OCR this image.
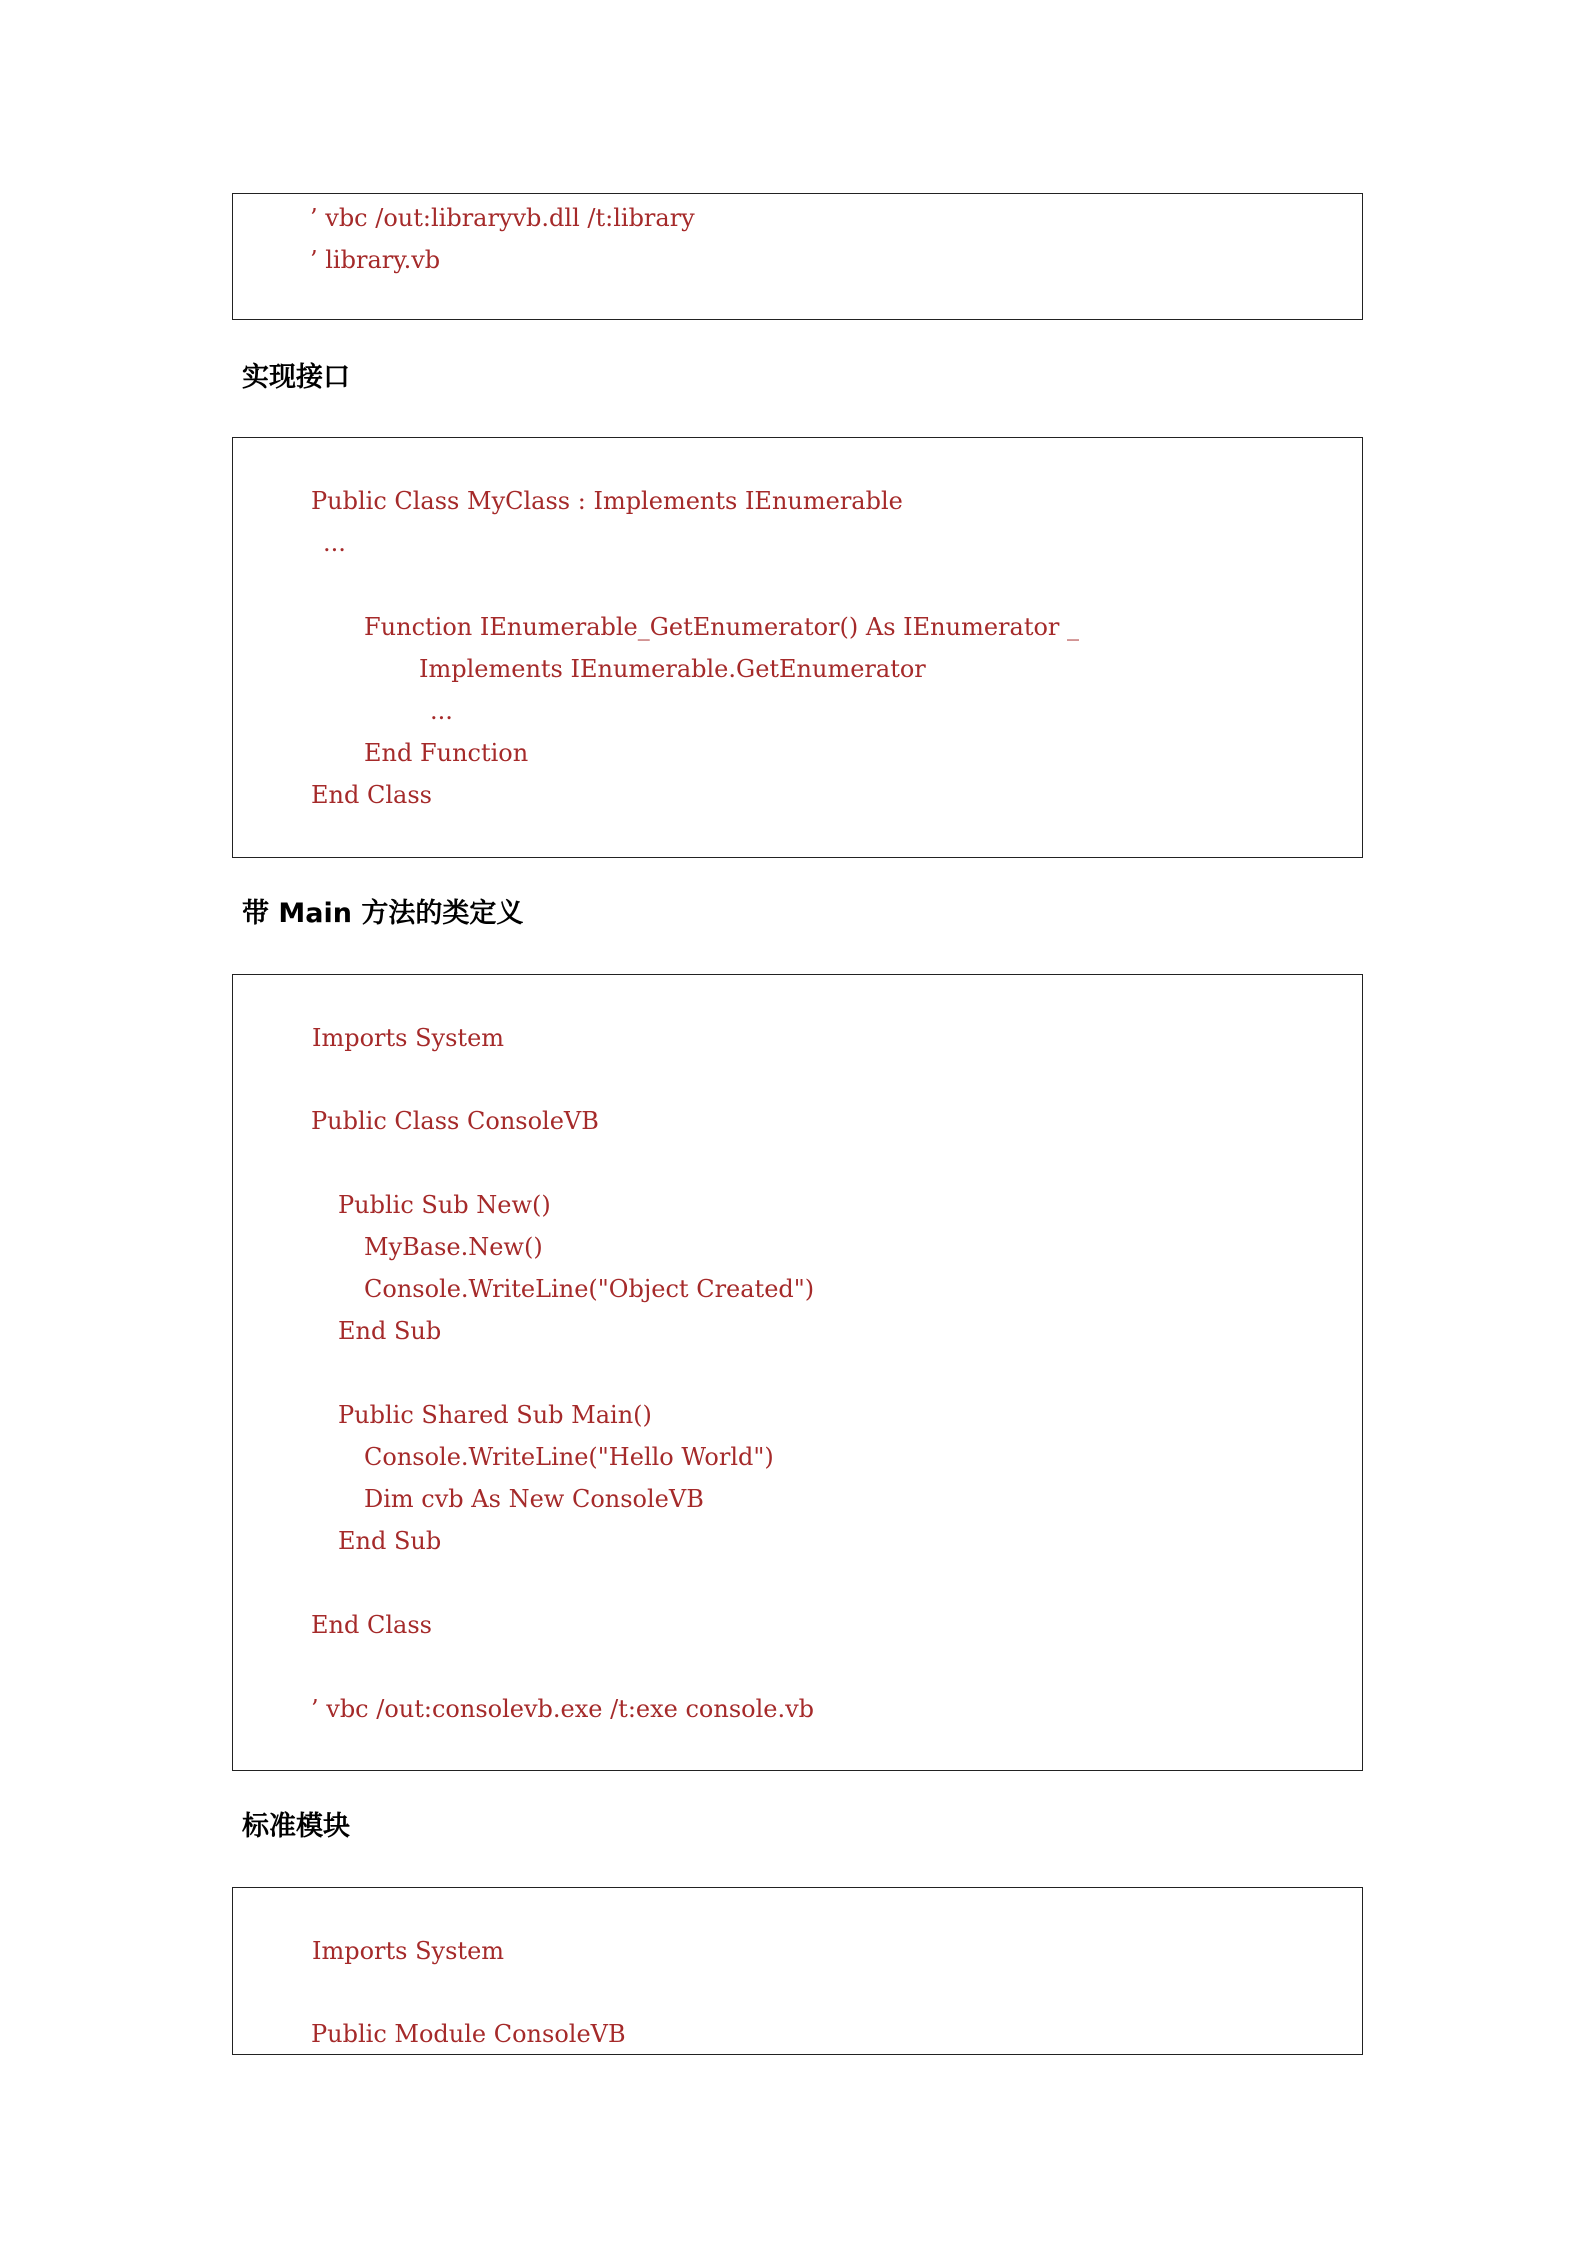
’ vbc /out:libraryvb.dll /t:library
’ library.vb
实现接口
Public Class MyClass : Implements IEnumerable
...
Function IEnumerable_GetEnumerator() As IEnumerator _
Implements IEnumerable.GetEnumerator
...
End Function
End Class
带 Main 方法的类定义
Imports System
Public Class ConsoleVB
Public Sub New()
MyBase.New()
Console.WriteLine("Object Created")
End Sub
Public Shared Sub Main()
Console.WriteLine("Hello World")
Dim cvb As New ConsoleVB
End Sub
End Class
’ vbc /out:consolevb.exe /t:exe console.vb
标准模块
Imports System
Public Module ConsoleVB
